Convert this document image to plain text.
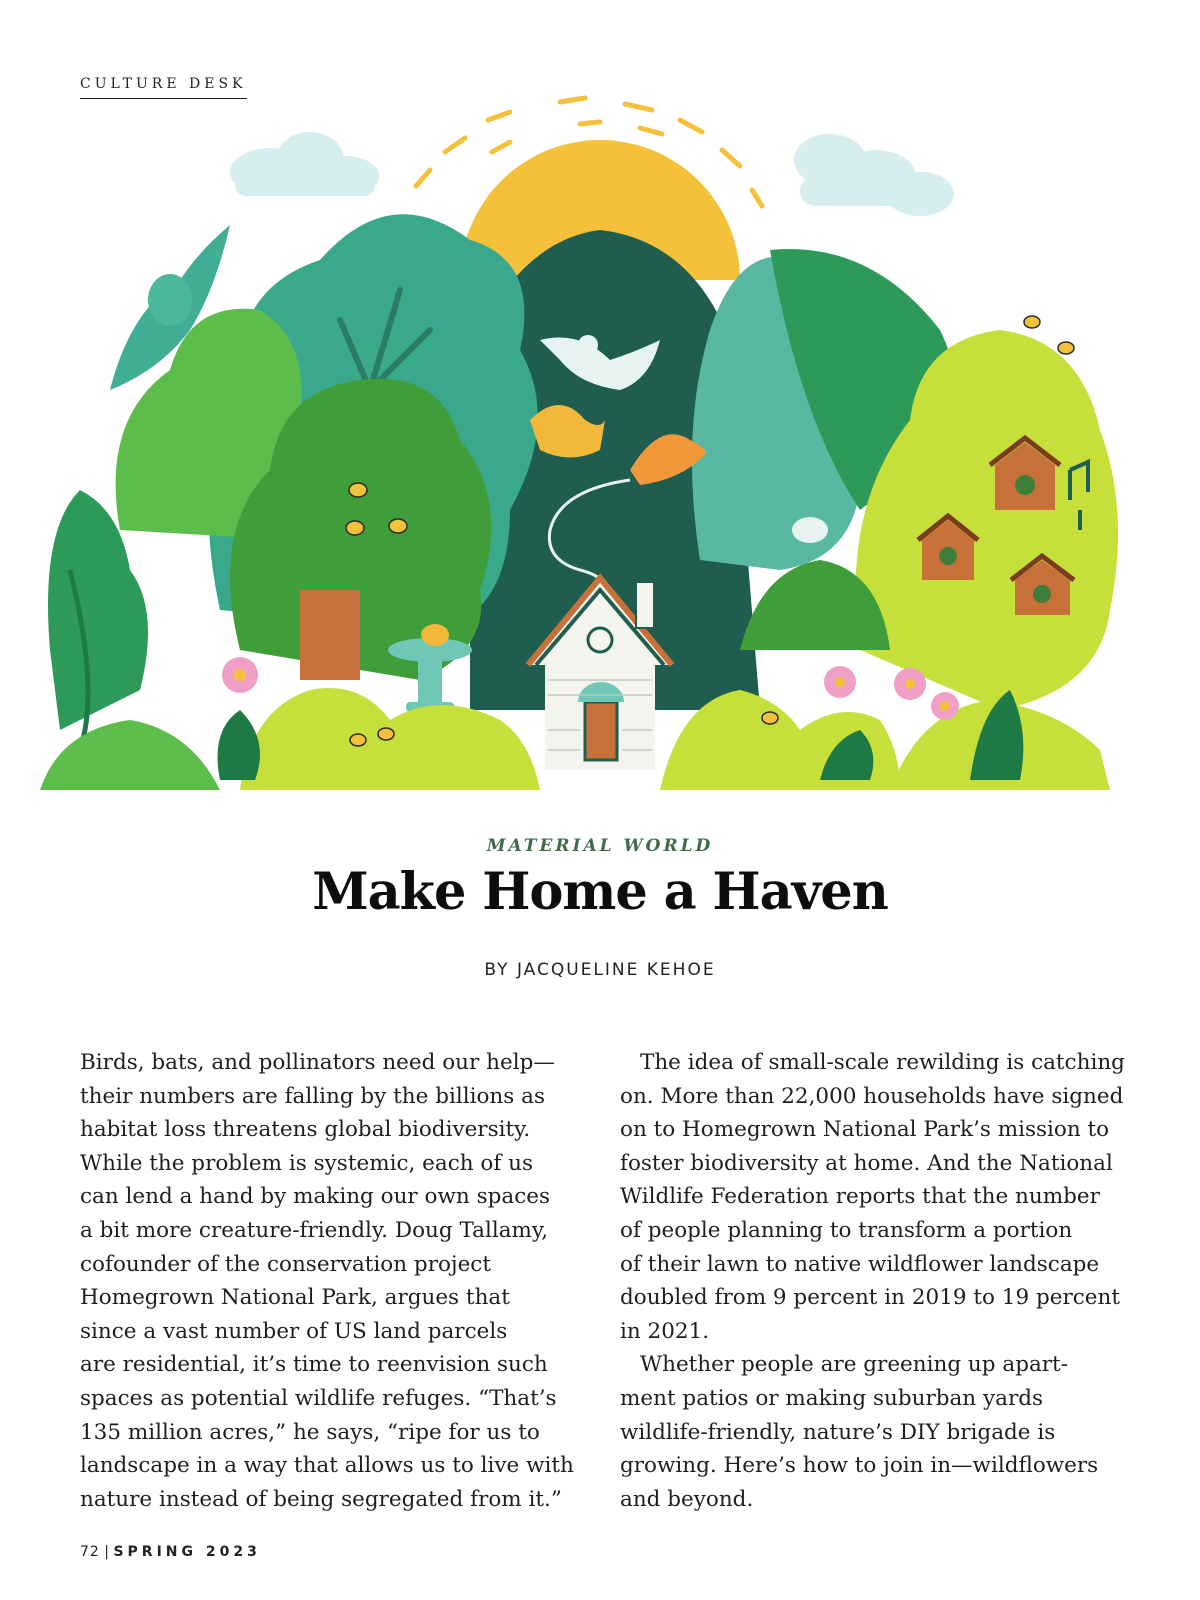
CULTURE DESK
MATERIAL WORLD
Make Home a Haven
BY JACQUELINE KEHOE
Birds, bats, and pollinators need our help—
their numbers are falling by the billions as
habitat loss threatens global biodiversity.
While the problem is systemic, each of us
can lend a hand by making our own spaces
a bit more creature-friendly. Doug Tallamy,
cofounder of the conservation project
Homegrown National Park, argues that
since a vast number of US land parcels
are residential, it’s time to reenvision such
spaces as potential wildlife refuges. “That’s
135 million acres,” he says, “ripe for us to
landscape in a way that allows us to live with
nature instead of being segregated from it.”
The idea of small-scale rewilding is catching
on. More than 22,000 households have signed
on to Homegrown National Park’s mission to
foster biodiversity at home. And the National
Wildlife Federation reports that the number
of people planning to transform a portion
of their lawn to native wildflower landscape
doubled from 9 percent in 2019 to 19 percent
in 2021.
Whether people are greening up apart-
ment patios or making suburban yards
wildlife-friendly, nature’s DIY brigade is
growing. Here’s how to join in—wildflowers
and beyond.
72 | SPRING 2023
